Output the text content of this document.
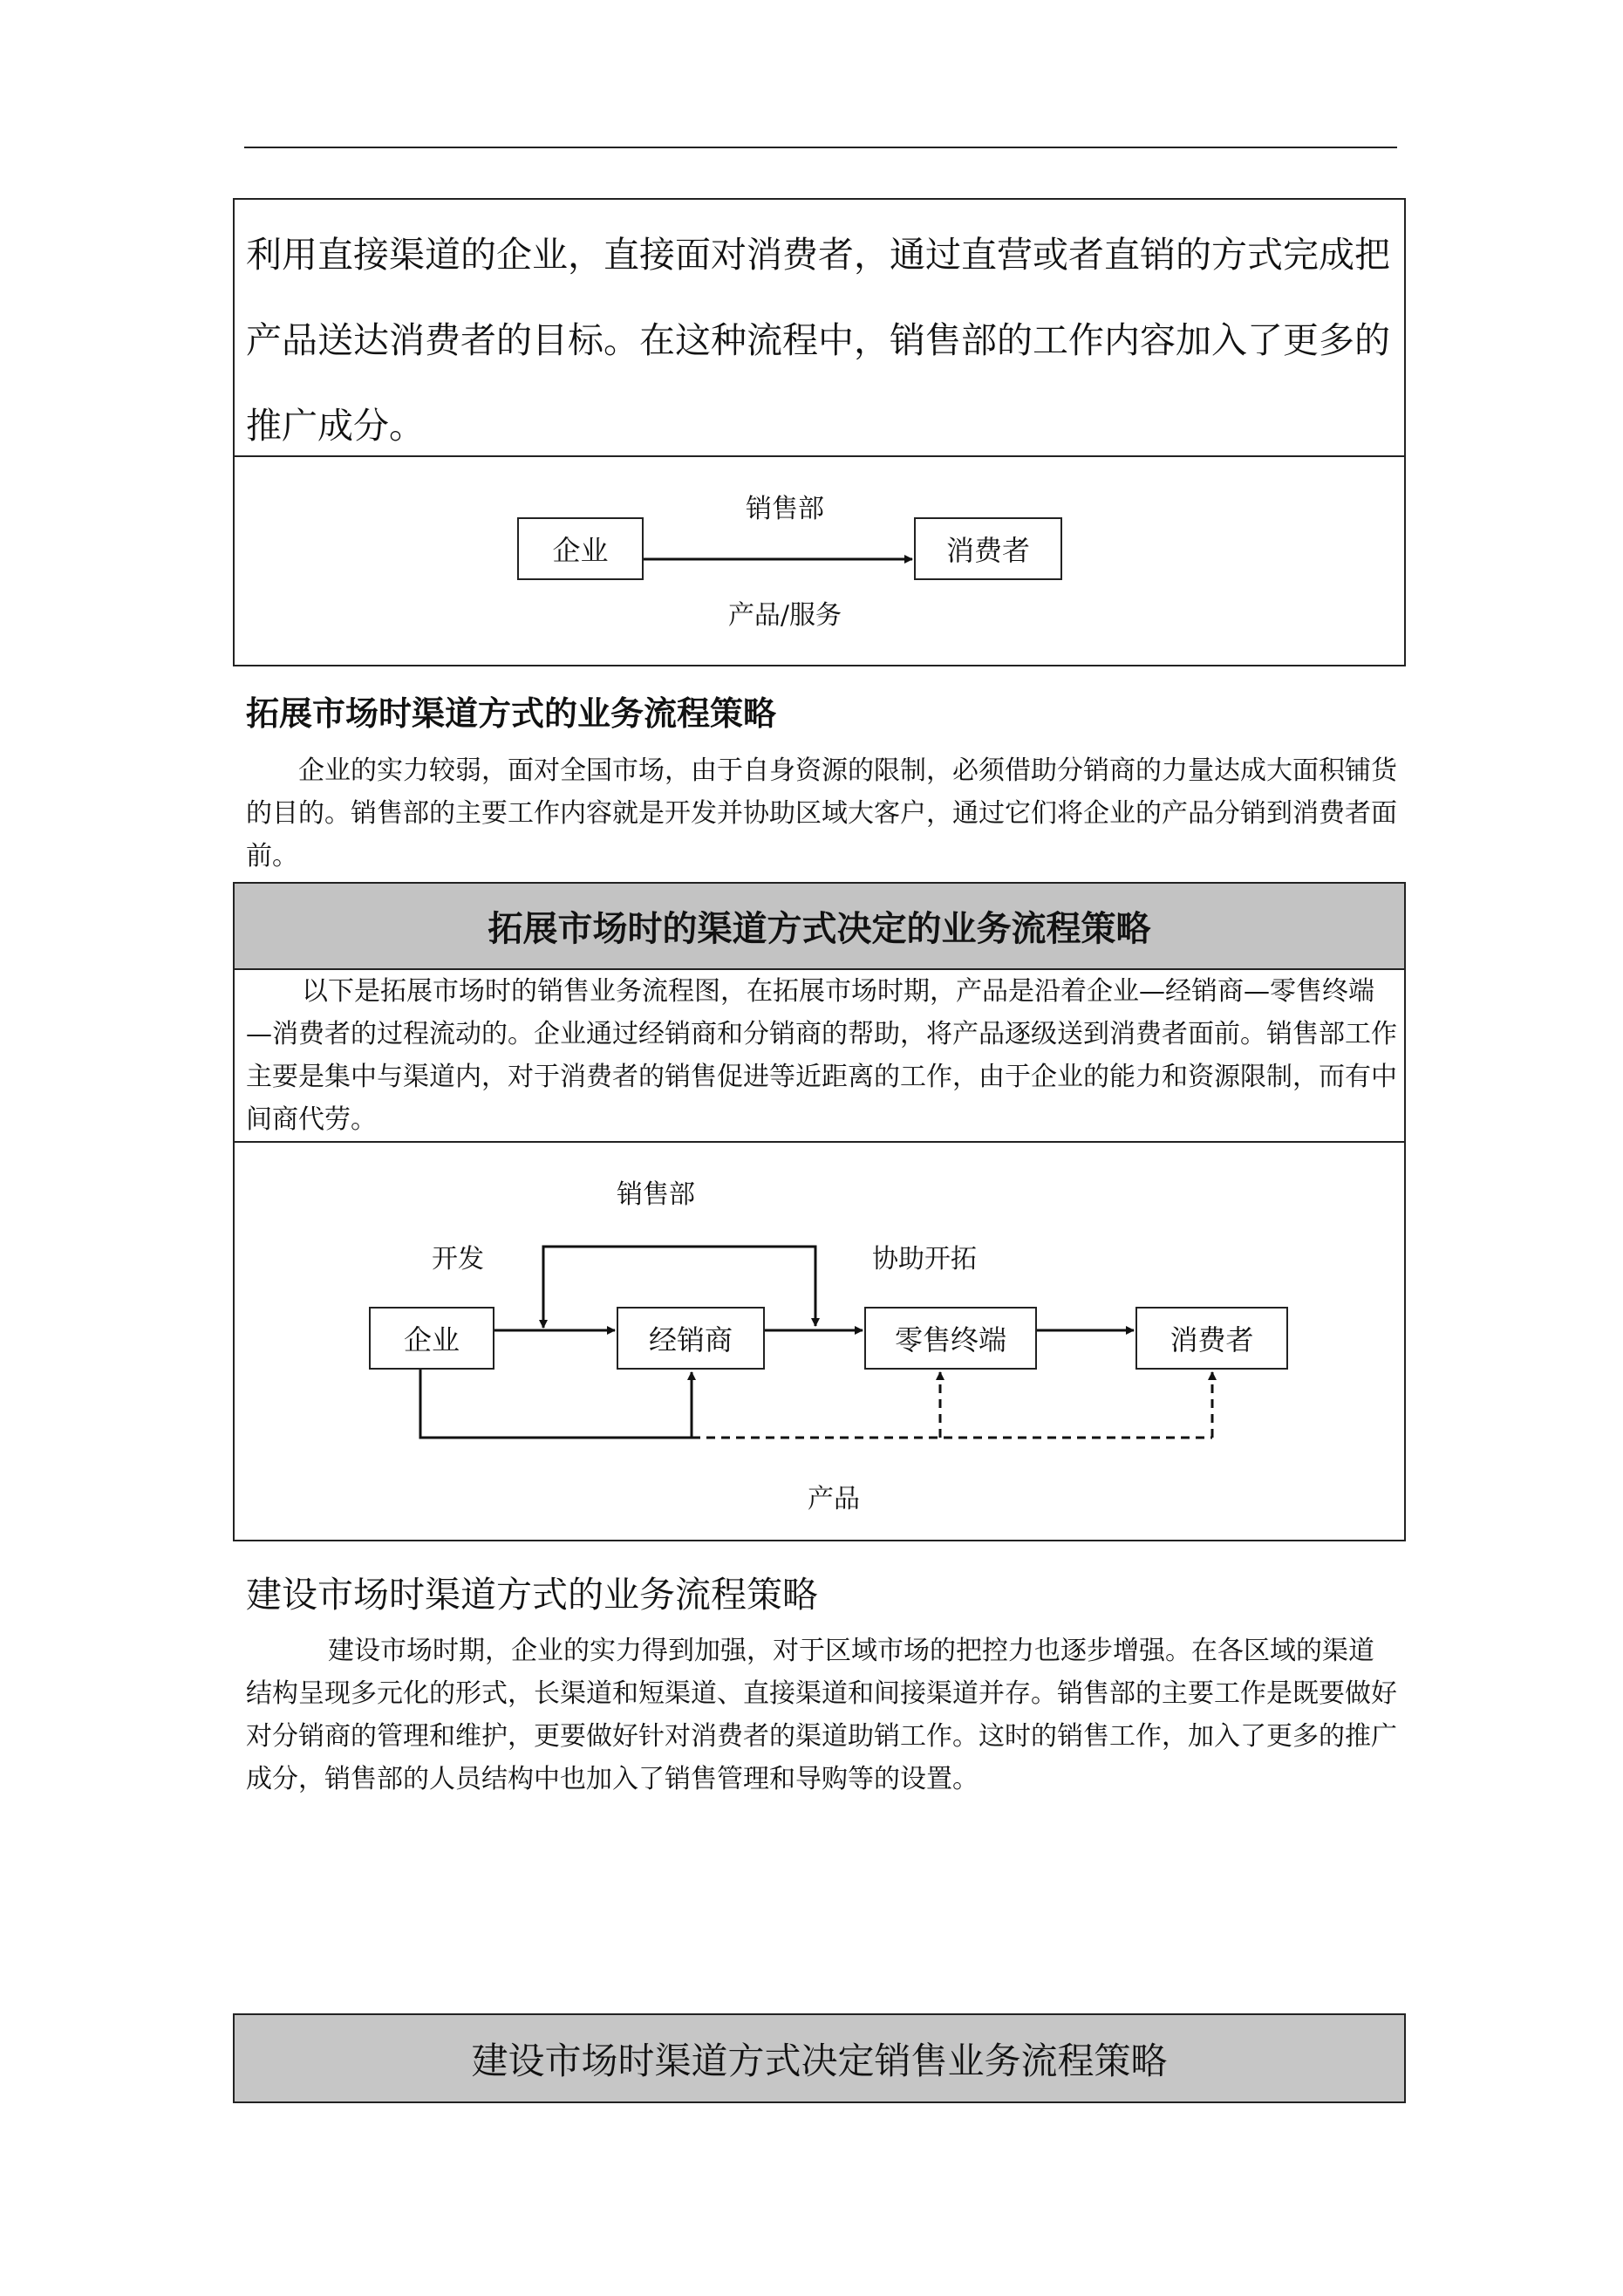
利用直接渠道的企业，直接面对消费者，通过直营或者直销的方式完成把产品送达消费者的目标。在这种流程中，销售部的工作内容加入了更多的推广成分。
销售部
企业	消费者
产品/服务
拓展市场时渠道方式的业务流程策略
企业的实力较弱，面对全国市场，由于自身资源的限制，必须借助分销商的力量达成大面积铺货的目的。销售部的主要工作内容就是开发并协助区域大客户，通过它们将企业的产品分销到消费者面前。
拓展市场时的渠道方式决定的业务流程策略
以下是拓展市场时的销售业务流程图，在拓展市场时期，产品是沿着企业—经销商—零售终端—消费者的过程流动的。企业通过经销商和分销商的帮助，将产品逐级送到消费者面前。销售部工作主要是集中与渠道内，对于消费者的销售促进等近距离的工作，由于企业的能力和资源限制，而有中间商代劳。
销售部
开发	协助开拓
企业	经销商	零售终端	消费者
产品
建设市场时渠道方式的业务流程策略
建设市场时期，企业的实力得到加强，对于区域市场的把控力也逐步增强。在各区域的渠道结构呈现多元化的形式，长渠道和短渠道、直接渠道和间接渠道并存。销售部的主要工作是既要做好对分销商的管理和维护，更要做好针对消费者的渠道助销工作。这时的销售工作，加入了更多的推广成分，销售部的人员结构中也加入了销售管理和导购等的设置。
建设市场时渠道方式决定销售业务流程策略
